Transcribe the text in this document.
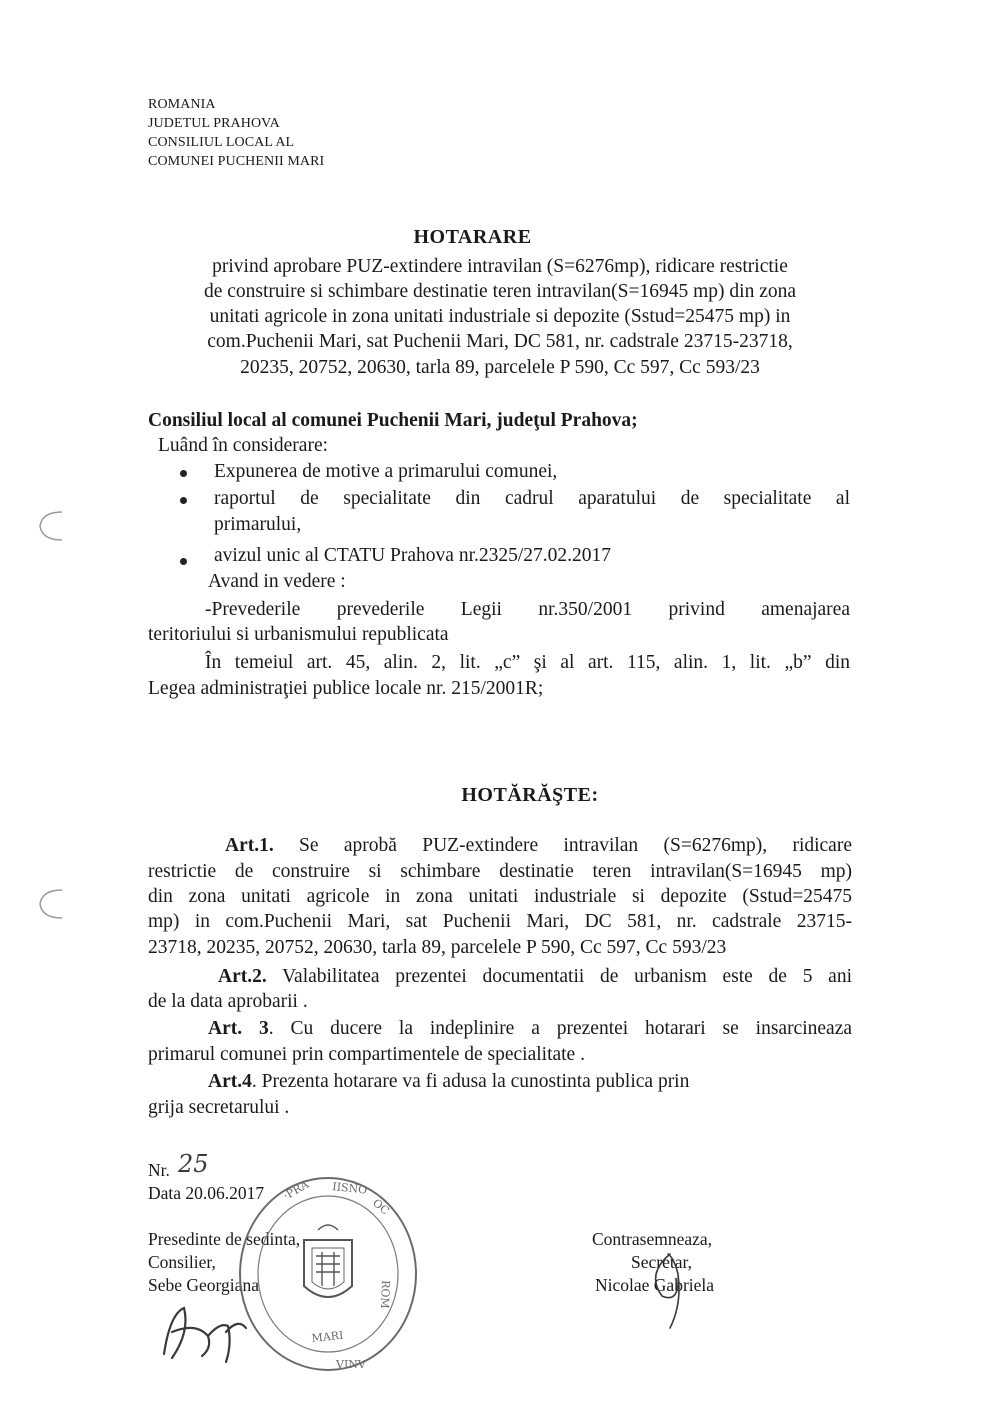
ROMANIA
JUDETUL PRAHOVA
CONSILIUL LOCAL AL
COMUNEI PUCHENII MARI
HOTARARE
privind aprobare PUZ-extindere intravilan (S=6276mp), ridicare restrictie
de construire si schimbare destinatie teren intravilan(S=16945 mp) din zona
unitati agricole in zona unitati industriale si depozite (Sstud=25475 mp) in
com.Puchenii Mari, sat Puchenii Mari, DC 581, nr. cadstrale 23715-23718,
20235, 20752, 20630, tarla 89, parcelele P 590, Cc 597, Cc 593/23
Consiliul local al comunei Puchenii Mari, judeţul Prahova;
Luând în considerare:
Expunerea de motive a primarului comunei,
raportul de specialitate din cadrul aparatului de specialitate al
primarului,
avizul unic al CTATU Prahova nr.2325/27.02.2017
Avand in vedere :
-Prevederile prevederile Legii nr.350/2001 privind amenajarea
teritoriului si urbanismului republicata
În temeiul art. 45, alin. 2, lit. „c” şi al art. 115, alin. 1, lit. „b” din
Legea administraţiei publice locale nr. 215/2001R;
HOTĂRĂŞTE:
Art.1. Se aprobă PUZ-extindere intravilan (S=6276mp), ridicare
restrictie de construire si schimbare destinatie teren intravilan(S=16945 mp)
din zona unitati agricole in zona unitati industriale si depozite (Sstud=25475
mp) in com.Puchenii Mari, sat Puchenii Mari, DC 581, nr. cadstrale 23715-
23718, 20235, 20752, 20630, tarla 89, parcelele P 590, Cc 597, Cc 593/23
Art.2. Valabilitatea prezentei documentatii de urbanism este de 5 ani
de la data aprobarii .
Art. 3. Cu ducere la indeplinire a prezentei hotarari se insarcineaza
primarul comunei prin compartimentele de specialitate .
Art.4. Prezenta hotarare va fi adusa la cunostinta publica prin
grija secretarului .
Nr. 25
Data 20.06.2017
Presedinte de sedinta,
Consilier,
Sebe Georgiana
Contrasemneaza,
Secretar,
Nicolae Gabriela
OC
IISNO
ROM
·PRA
MARI
VINV
